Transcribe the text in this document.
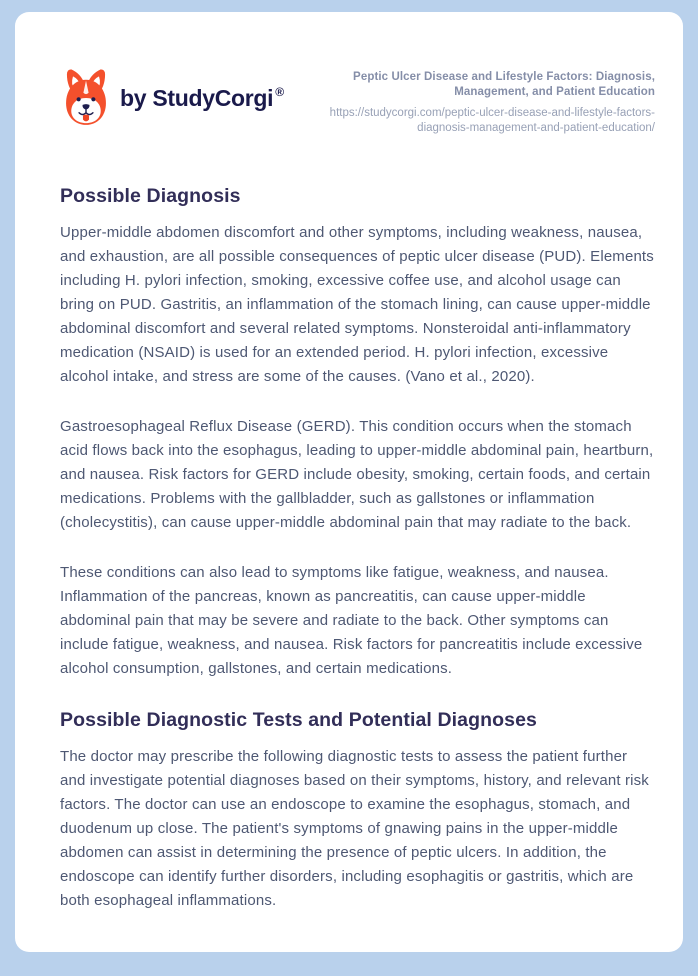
by StudyCorgi ®
Peptic Ulcer Disease and Lifestyle Factors: Diagnosis, Management, and Patient Education
https://studycorgi.com/peptic-ulcer-disease-and-lifestyle-factors-diagnosis-management-and-patient-education/
Possible Diagnosis

Upper-middle abdomen discomfort and other symptoms, including weakness, nausea, and exhaustion, are all possible consequences of peptic ulcer disease (PUD). Elements including H. pylori infection, smoking, excessive coffee use, and alcohol usage can bring on PUD. Gastritis, an inflammation of the stomach lining, can cause upper-middle abdominal discomfort and several related symptoms. Nonsteroidal anti-inflammatory medication (NSAID) is used for an extended period. H. pylori infection, excessive alcohol intake, and stress are some of the causes. (Vano et al., 2020).

Gastroesophageal Reflux Disease (GERD). This condition occurs when the stomach acid flows back into the esophagus, leading to upper-middle abdominal pain, heartburn, and nausea. Risk factors for GERD include obesity, smoking, certain foods, and certain medications. Problems with the gallbladder, such as gallstones or inflammation (cholecystitis), can cause upper-middle abdominal pain that may radiate to the back.

These conditions can also lead to symptoms like fatigue, weakness, and nausea. Inflammation of the pancreas, known as pancreatitis, can cause upper-middle abdominal pain that may be severe and radiate to the back. Other symptoms can include fatigue, weakness, and nausea. Risk factors for pancreatitis include excessive alcohol consumption, gallstones, and certain medications.

Possible Diagnostic Tests and Potential Diagnoses

The doctor may prescribe the following diagnostic tests to assess the patient further and investigate potential diagnoses based on their symptoms, history, and relevant risk factors. The doctor can use an endoscope to examine the esophagus, stomach, and duodenum up close. The patient's symptoms of gnawing pains in the upper-middle abdomen can assist in determining the presence of peptic ulcers. In addition, the endoscope can identify further disorders, including esophagitis or gastritis, which are both esophageal inflammations.
